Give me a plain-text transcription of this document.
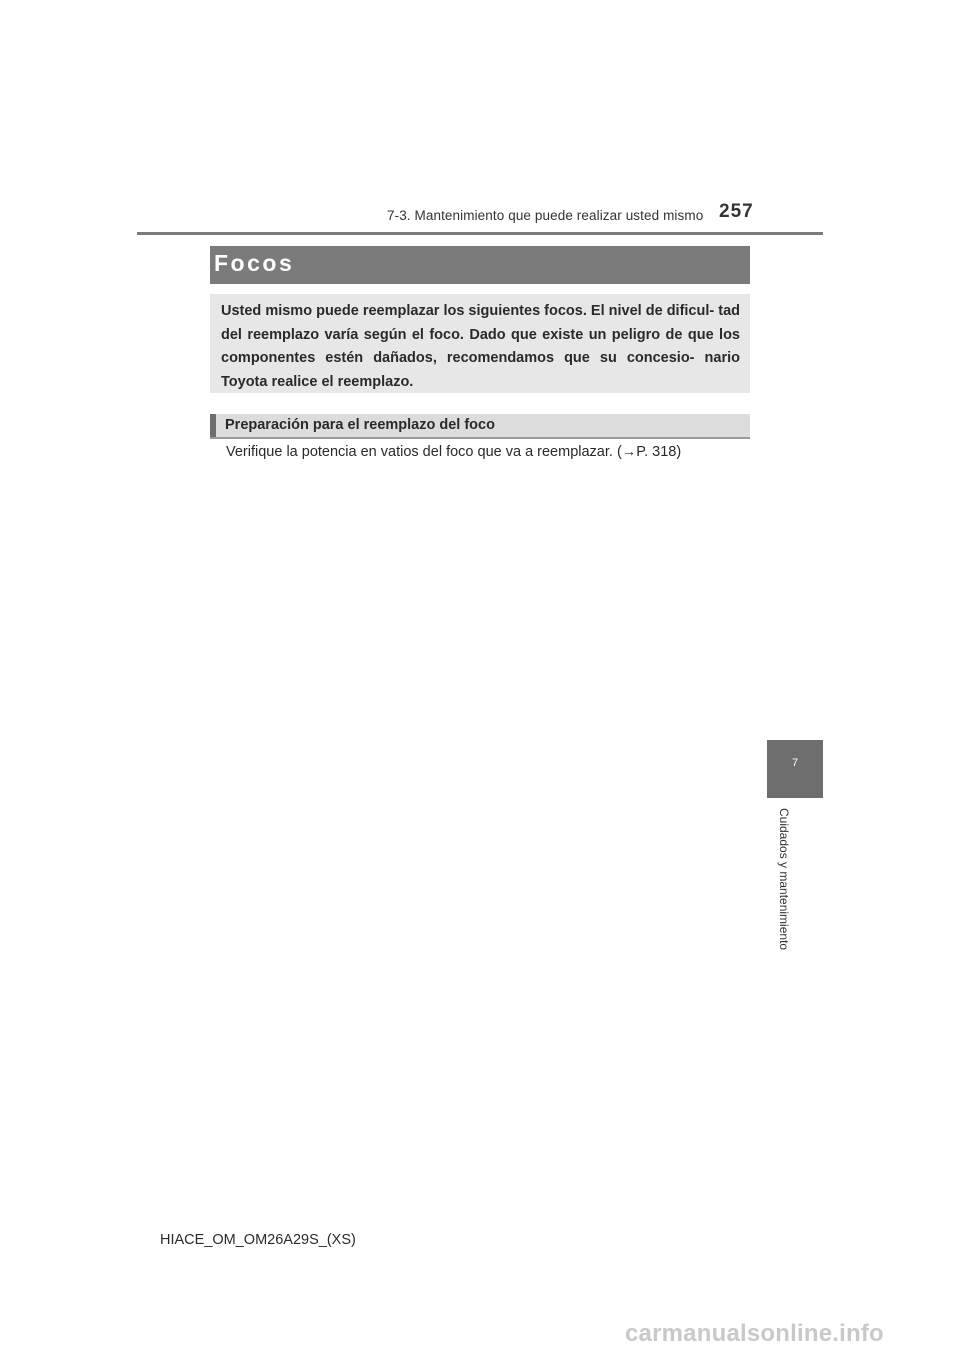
7-3. Mantenimiento que puede realizar usted mismo 257
Focos
Usted mismo puede reemplazar los siguientes focos. El nivel de dificul- tad del reemplazo varía según el foco. Dado que existe un peligro de que los componentes estén dañados, recomendamos que su concesio- nario Toyota realice el reemplazo.
Preparación para el reemplazo del foco
Verifique la potencia en vatios del foco que va a reemplazar. (→P. 318)
7
Cuidados y mantenimiento
HIACE_OM_OM26A29S_(XS)
carmanualsonline.info
